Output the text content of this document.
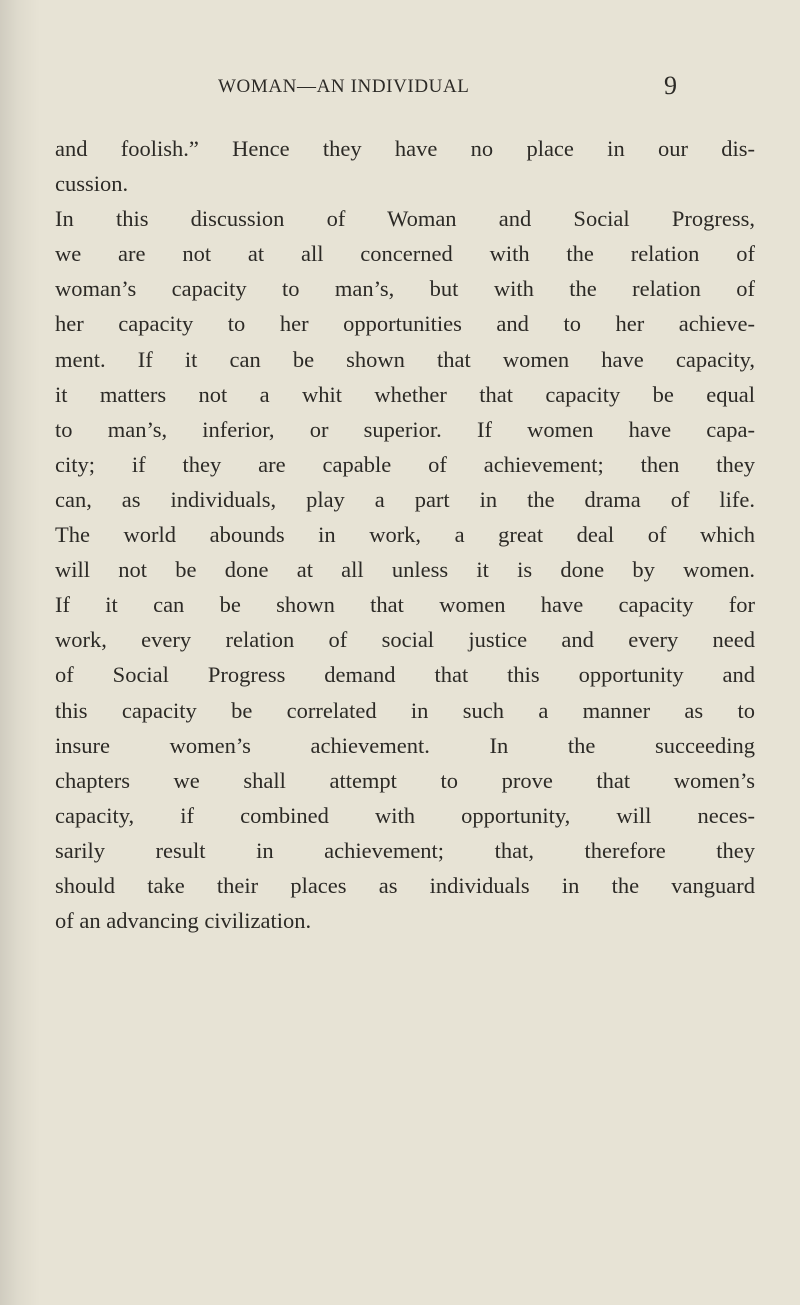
WOMAN—AN INDIVIDUAL	9
and foolish.” Hence they have no place in our dis-
cussion.
In this discussion of Woman and Social Progress,
we are not at all concerned with the relation of
woman’s capacity to man’s, but with the relation of
her capacity to her opportunities and to her achieve-
ment. If it can be shown that women have capacity,
it matters not a whit whether that capacity be equal
to man’s, inferior, or superior. If women have capa-
city; if they are capable of achievement; then they
can, as individuals, play a part in the drama of life.
The world abounds in work, a great deal of which
will not be done at all unless it is done by women.
If it can be shown that women have capacity for
work, every relation of social justice and every need
of Social Progress demand that this opportunity and
this capacity be correlated in such a manner as to
insure women’s achievement. In the succeeding
chapters we shall attempt to prove that women’s
capacity, if combined with opportunity, will neces-
sarily result in achievement; that, therefore they
should take their places as individuals in the vanguard
of an advancing civilization.
